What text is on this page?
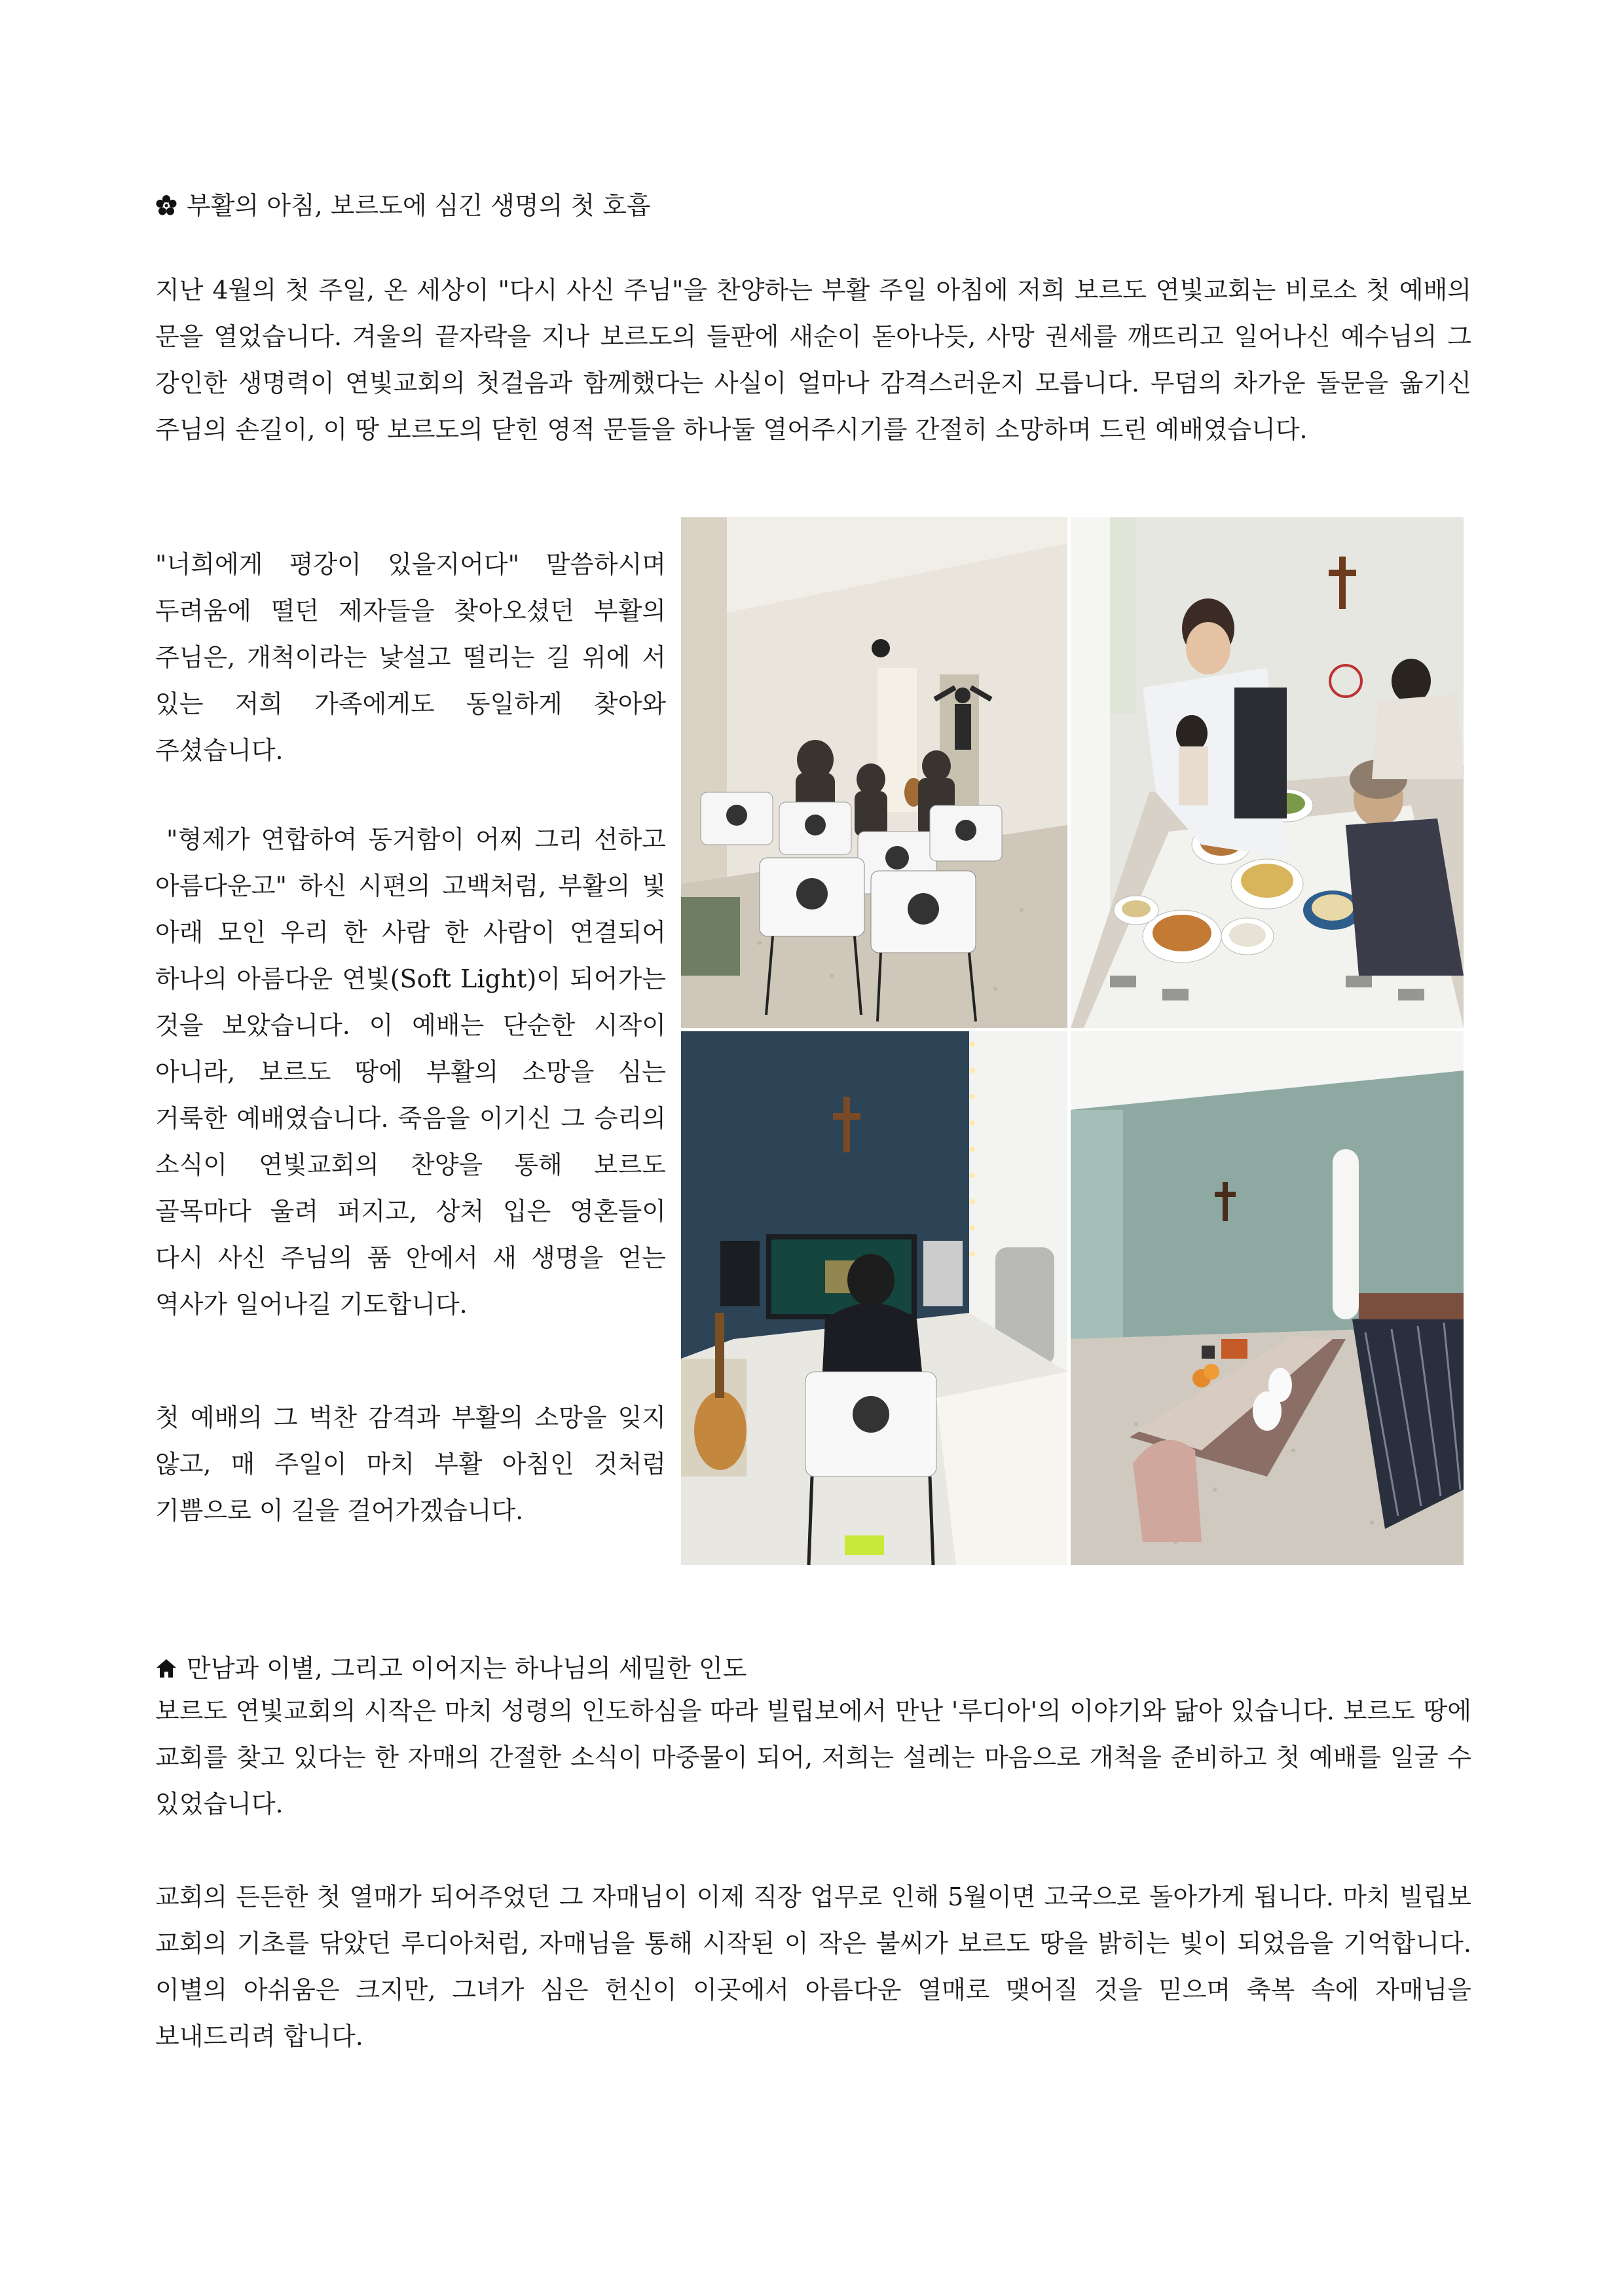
부활의 아침, 보르도에 심긴 생명의 첫 호흡
지난 4월의 첫 주일, 온 세상이 "다시 사신 주님"을 찬양하는 부활 주일 아침에 저희 보르도 연빛교회는 비로소 첫 예배의 문을 열었습니다. 겨울의 끝자락을 지나 보르도의 들판에 새순이 돋아나듯, 사망 권세를 깨뜨리고 일어나신 예수님의 그 강인한 생명력이 연빛교회의 첫걸음과 함께했다는 사실이 얼마나 감격스러운지 모릅니다. 무덤의 차가운 돌문을 옮기신 주님의 손길이, 이 땅 보르도의 닫힌 영적 문들을 하나둘 열어주시기를 간절히 소망하며 드린 예배였습니다.
"너희에게 평강이 있을지어다" 말씀하시며 두려움에 떨던 제자들을 찾아오셨던 부활의 주님은, 개척이라는 낯설고 떨리는 길 위에 서 있는 저희 가족에게도 동일하게 찾아와 주셨습니다.
"형제가 연합하여 동거함이 어찌 그리 선하고 아름다운고" 하신 시편의 고백처럼, 부활의 빛 아래 모인 우리 한 사람 한 사람이 연결되어 하나의 아름다운 연빛(Soft Light)이 되어가는 것을 보았습니다. 이 예배는 단순한 시작이 아니라, 보르도 땅에 부활의 소망을 심는 거룩한 예배였습니다. 죽음을 이기신 그 승리의 소식이 연빛교회의 찬양을 통해 보르도 골목마다 울려 퍼지고, 상처 입은 영혼들이 다시 사신 주님의 품 안에서 새 생명을 얻는 역사가 일어나길 기도합니다.
첫 예배의 그 벅찬 감격과 부활의 소망을 잊지 않고, 매 주일이 마치 부활 아침인 것처럼 기쁨으로 이 길을 걸어가겠습니다.
만남과 이별, 그리고 이어지는 하나님의 세밀한 인도
보르도 연빛교회의 시작은 마치 성령의 인도하심을 따라 빌립보에서 만난 '루디아'의 이야기와 닮아 있습니다. 보르도 땅에 교회를 찾고 있다는 한 자매의 간절한 소식이 마중물이 되어, 저희는 설레는 마음으로 개척을 준비하고 첫 예배를 일굴 수 있었습니다.
교회의 든든한 첫 열매가 되어주었던 그 자매님이 이제 직장 업무로 인해 5월이면 고국으로 돌아가게 됩니다. 마치 빌립보 교회의 기초를 닦았던 루디아처럼, 자매님을 통해 시작된 이 작은 불씨가 보르도 땅을 밝히는 빛이 되었음을 기억합니다. 이별의 아쉬움은 크지만, 그녀가 심은 헌신이 이곳에서 아름다운 열매로 맺어질 것을 믿으며 축복 속에 자매님을 보내드리려 합니다.
